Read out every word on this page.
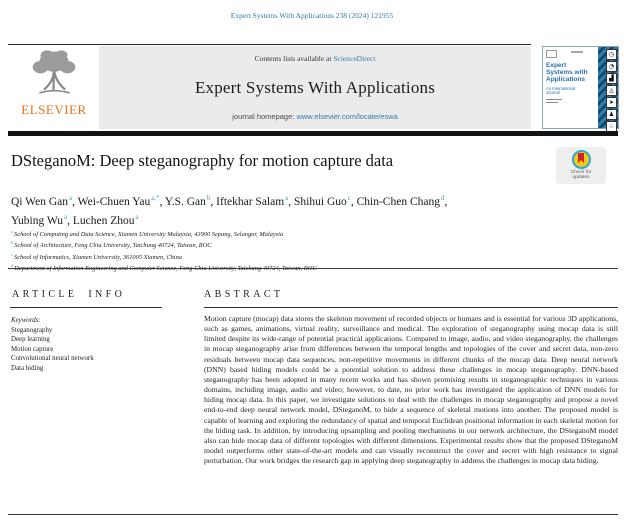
Expert Systems With Applications 238 (2024) 121955
ELSEVIER
Contents lists available at ScienceDirect
Expert Systems With Applications
journal homepage: www.elsevier.com/locate/eswa
◷
◔
▟
◬
➤
♟
♘
Expert Systems with Applications
An International Journal
DSteganoM: Deep steganography for motion capture data
Check for
updates
Qi Wen Gan$^a$, Wei-Chuen Yau$^{a,*}$, Y.S. Gan$^b$, Iftekhar Salam$^a$, Shihui Guo$^c$, Chin-Chen Chang$^d$,
Yubing Wu$^a$, Luchen Zhou$^a$
$^a$School of Computing and Data Science, Xiamen University Malaysia, 43900 Sepang, Selangor, Malaysia
$^b$School of Architecture, Feng Chia University, Taichung 40724, Taiwan, ROC
$^c$School of Informatics, Xiamen University, 361005 Xiamen, China
$^d$
ARTICLE INFO
Keywords:
Steganography
Deep learning
Motion capture
Convolutional neural network
Data hiding
ABSTRACT
Motion capture (mocap) data stores the skeleton movement of recorded objects or humans and is essential for various 3D applications, such as games, animations, virtual reality, surveillance and medical. The exploration of steganography using mocap data is still limited despite its wide-range of potential practical applications. Compared to image, audio, and video steganography, the challenges in mocap steganography arise from differences between the temporal lengths and topologies of the cover and secret data, non-zero residuals between mocap data sequences, non-repetitive movements in different chunks of the mocap data. Deep neural network (DNN) based hiding models could be a potential solution to address these challenges in mocap steganography. DNN-based steganography has been adopted in many recent works and has shown promising results in steganographic techniques in various domains, including image, audio and video; however, to date, no prior work has investigated the application of DNN models for hiding mocap data. In this paper, we investigate solutions to deal with the challenges in mocap steganography and propose a novel end-to-end deep neural network model, DSteganoM, to hide a sequence of skeletal motions into another. The proposed model is capable of learning and exploring the redundancy of spatial and temporal Euclidean positional information in each skeletal motion for the hiding task. In addition, by introducing upsampling and pooling mechanisms in our network architecture, the DSteganoM model also can hide mocap data of different topologies with different dimensions. Experimental results show that the proposed DSteganoM model outperforms other state-of-the-art models and can visually reconstruct the cover and secret with high resistance to signal perturbation. Our work bridges the research gap in applying deep steganography to address the challenges in mocap data hiding.
